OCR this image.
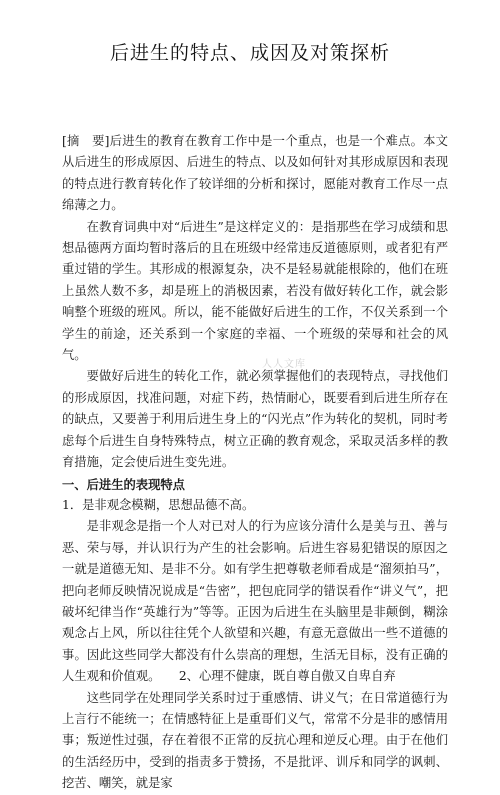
后进生的特点、成因及对策探析

[摘　要]后进生的教育在教育工作中是一个重点，也是一个难点。本文从后进生的形成原因、后进生的特点、以及如何针对其形成原因和表现的特点进行教育转化作了较详细的分析和探讨，愿能对教育工作尽一点绵薄之力。

在教育词典中对“后进生”是这样定义的：是指那些在学习成绩和思想品德两方面均暂时落后的且在班级中经常违反道德原则，或者犯有严重过错的学生。其形成的根源复杂，决不是轻易就能根除的，他们在班上虽然人数不多，却是班上的消极因素，若没有做好转化工作，就会影响整个班级的班风。所以，能不能做好后进生的工作，不仅关系到一个学生的前途，还关系到一个家庭的幸福、一个班级的荣辱和社会的风气。

要做好后进生的转化工作，就必须掌握他们的表现特点，寻找他们的形成原因，找准问题，对症下药，热情耐心，既要看到后进生所存在的缺点，又要善于利用后进生身上的“闪光点”作为转化的契机，同时考虑每个后进生自身特殊特点，树立正确的教育观念，采取灵活多样的教育措施，定会使后进生变先进。

一、后进生的表现特点

1．是非观念模糊，思想品德不高。

是非观念是指一个人对已对人的行为应该分清什么是美与丑、善与恶、荣与辱，并认识行为产生的社会影响。后进生容易犯错误的原因之一就是道德无知、是非不分。如有学生把尊敬老师看成是“溜须拍马”，把向老师反映情况说成是“告密”，把包庇同学的错误看作“讲义气”，把破坏纪律当作“英雄行为”等等。正因为后进生在头脑里是非颠倒，糊涂观念占上风，所以往往凭个人欲望和兴趣，有意无意做出一些不道德的事。因此这些同学大都没有什么崇高的理想，生活无目标，没有正确的人生观和价值观。　　2、心理不健康，既自尊自傲又自卑自弃

这些同学在处理同学关系时过于重感情、讲义气；在日常道德行为上言行不能统一；在情感特征上是重哥们义气，常常不分是非的感情用事；叛逆性过强，存在着很不正常的反抗心理和逆反心理。由于在他们的生活经历中，受到的指责多于赞扬，不是批评、训斥和同学的讽刺、挖苦、嘲笑，就是家

人人文库
